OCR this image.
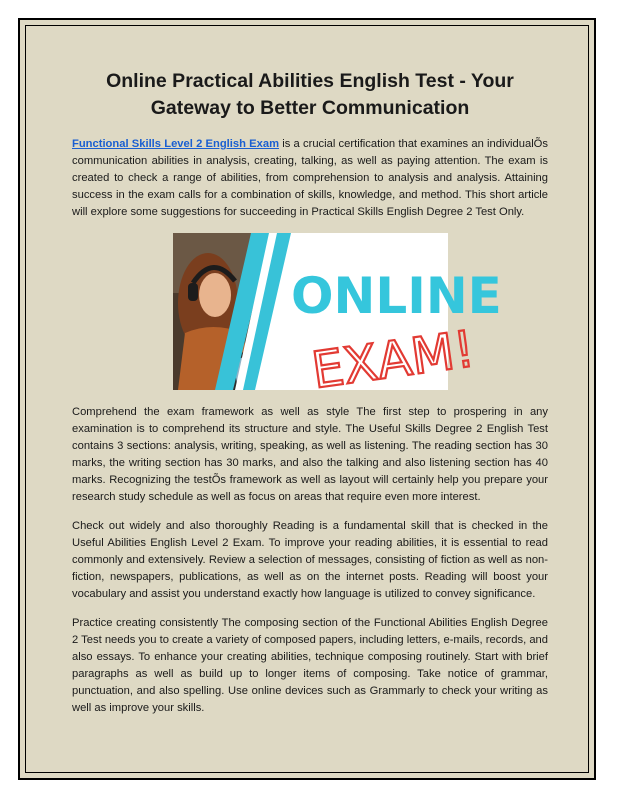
Online Practical Abilities English Test - Your Gateway to Better Communication

Functional Skills Level 2 English Exam is a crucial certification that examines an individualÕs communication abilities in analysis, creating, talking, as well as paying attention. The exam is created to check a range of abilities, from comprehension to analysis and analysis. Attaining success in the exam calls for a combination of skills, knowledge, and method. This short article will explore some suggestions for succeeding in Practical Skills English Degree 2 Test Only.

ONLINE
EXAM!

Comprehend the exam framework as well as style The first step to prospering in any examination is to comprehend its structure and style. The Useful Skills Degree 2 English Test contains 3 sections: analysis, writing, speaking, as well as listening. The reading section has 30 marks, the writing section has 30 marks, and also the talking and also listening section has 40 marks. Recognizing the testÕs framework as well as layout will certainly help you prepare your research study schedule as well as focus on areas that require even more interest.

Check out widely and also thoroughly Reading is a fundamental skill that is checked in the Useful Abilities English Level 2 Exam. To improve your reading abilities, it is essential to read commonly and extensively. Review a selection of messages, consisting of fiction as well as non-fiction, newspapers, publications, as well as on the internet posts. Reading will boost your vocabulary and assist you understand exactly how language is utilized to convey significance.

Practice creating consistently The composing section of the Functional Abilities English Degree 2 Test needs you to create a variety of composed papers, including letters, e-mails, records, and also essays. To enhance your creating abilities, technique composing routinely. Start with brief paragraphs as well as build up to longer items of composing. Take notice of grammar, punctuation, and also spelling. Use online devices such as Grammarly to check your writing as well as improve your skills.
